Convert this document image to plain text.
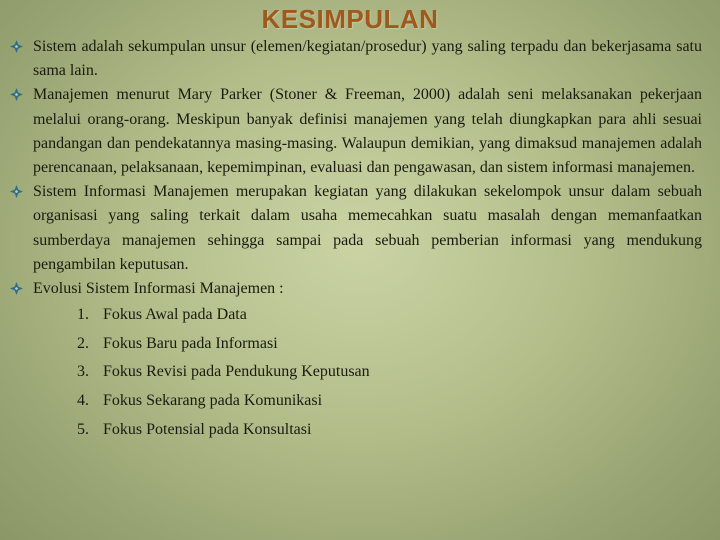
KESIMPULAN
Sistem adalah sekumpulan unsur (elemen/kegiatan/prosedur) yang saling terpadu dan bekerjasama satu sama lain.
Manajemen menurut Mary Parker (Stoner & Freeman, 2000) adalah seni melaksanakan pekerjaan melalui orang-orang. Meskipun banyak definisi manajemen yang telah diungkapkan para ahli sesuai pandangan dan pendekatannya masing-masing. Walaupun demikian, yang dimaksud manajemen adalah perencanaan, pelaksanaan, kepemimpinan, evaluasi dan pengawasan, dan sistem informasi manajemen.
Sistem Informasi Manajemen merupakan kegiatan yang dilakukan sekelompok unsur dalam sebuah organisasi yang saling terkait dalam usaha memecahkan suatu masalah dengan memanfaatkan sumberdaya manajemen sehingga sampai pada sebuah pemberian informasi yang mendukung pengambilan keputusan.
Evolusi Sistem Informasi Manajemen :
1. Fokus Awal pada Data
2. Fokus Baru pada Informasi
3. Fokus Revisi pada Pendukung Keputusan
4. Fokus Sekarang pada Komunikasi
5. Fokus Potensial pada Konsultasi
